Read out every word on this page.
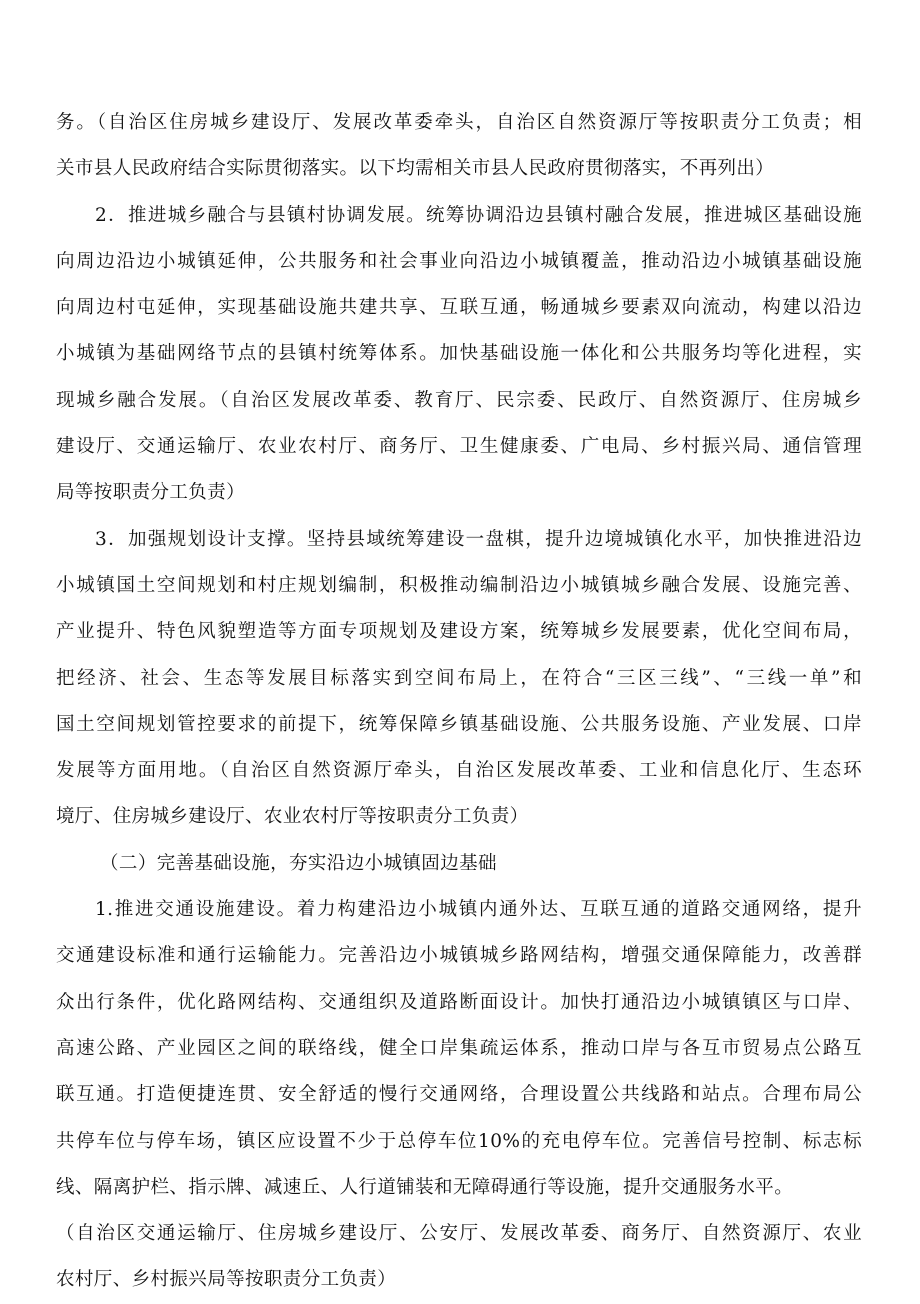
务。（自治区住房城乡建设厅、发展改革委牵头，自治区自然资源厅等按职责分工负责；相
关市县人民政府结合实际贯彻落实。以下均需相关市县人民政府贯彻落实，不再列出）
2．推进城乡融合与县镇村协调发展。统筹协调沿边县镇村融合发展，推进城区基础设施
向周边沿边小城镇延伸，公共服务和社会事业向沿边小城镇覆盖，推动沿边小城镇基础设施
向周边村屯延伸，实现基础设施共建共享、互联互通，畅通城乡要素双向流动，构建以沿边
小城镇为基础网络节点的县镇村统筹体系。加快基础设施一体化和公共服务均等化进程，实
现城乡融合发展。（自治区发展改革委、教育厅、民宗委、民政厅、自然资源厅、住房城乡
建设厅、交通运输厅、农业农村厅、商务厅、卫生健康委、广电局、乡村振兴局、通信管理
局等按职责分工负责）
3．加强规划设计支撑。坚持县域统筹建设一盘棋，提升边境城镇化水平，加快推进沿边
小城镇国土空间规划和村庄规划编制，积极推动编制沿边小城镇城乡融合发展、设施完善、
产业提升、特色风貌塑造等方面专项规划及建设方案，统筹城乡发展要素，优化空间布局，
把经济、社会、生态等发展目标落实到空间布局上，在符合“三区三线”、“三线一单”和
国土空间规划管控要求的前提下，统筹保障乡镇基础设施、公共服务设施、产业发展、口岸
发展等方面用地。（自治区自然资源厅牵头，自治区发展改革委、工业和信息化厅、生态环
境厅、住房城乡建设厅、农业农村厅等按职责分工负责）
（二）完善基础设施，夯实沿边小城镇固边基础
1.推进交通设施建设。着力构建沿边小城镇内通外达、互联互通的道路交通网络，提升
交通建设标准和通行运输能力。完善沿边小城镇城乡路网结构，增强交通保障能力，改善群
众出行条件，优化路网结构、交通组织及道路断面设计。加快打通沿边小城镇镇区与口岸、
高速公路、产业园区之间的联络线，健全口岸集疏运体系，推动口岸与各互市贸易点公路互
联互通。打造便捷连贯、安全舒适的慢行交通网络，合理设置公共线路和站点。合理布局公
共停车位与停车场，镇区应设置不少于总停车位10%的充电停车位。完善信号控制、标志标
线、隔离护栏、指示牌、减速丘、人行道铺装和无障碍通行等设施，提升交通服务水平。
（自治区交通运输厅、住房城乡建设厅、公安厅、发展改革委、商务厅、自然资源厅、农业
农村厅、乡村振兴局等按职责分工负责）
